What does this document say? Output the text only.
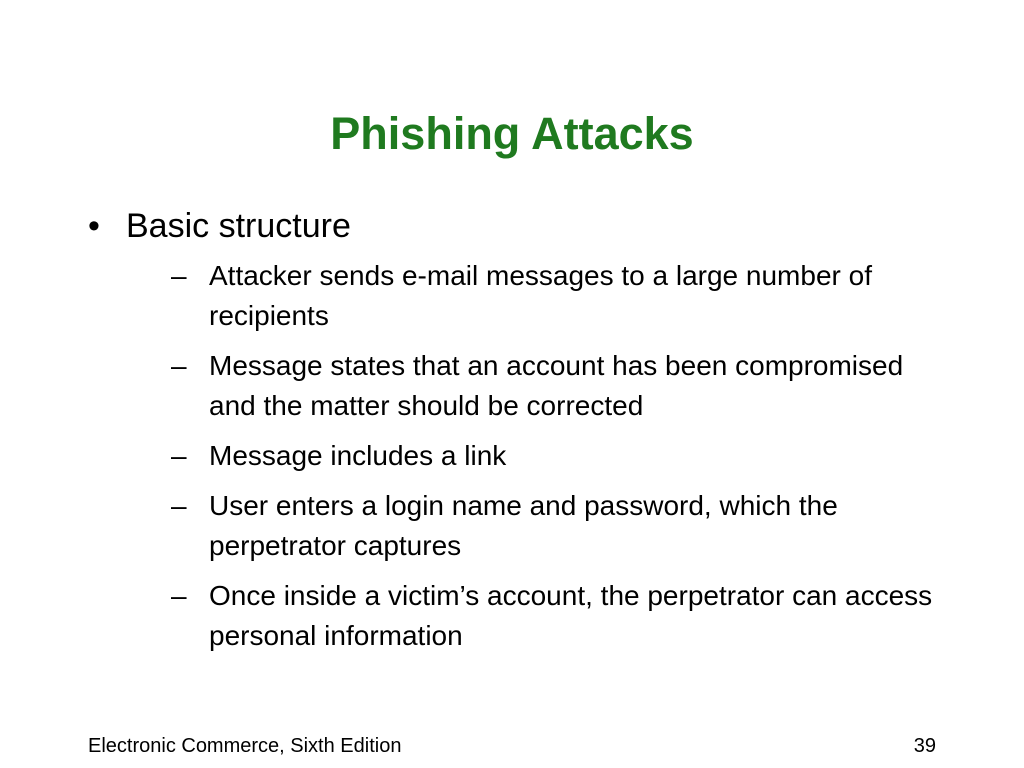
Phishing Attacks
• Basic structure
– Attacker sends e-mail messages to a large number of recipients
– Message states that an account has been compromised and the matter should be corrected
– Message includes a link
– User enters a login name and password, which the perpetrator captures
– Once inside a victim’s account, the perpetrator can access personal information
Electronic Commerce, Sixth Edition	39
